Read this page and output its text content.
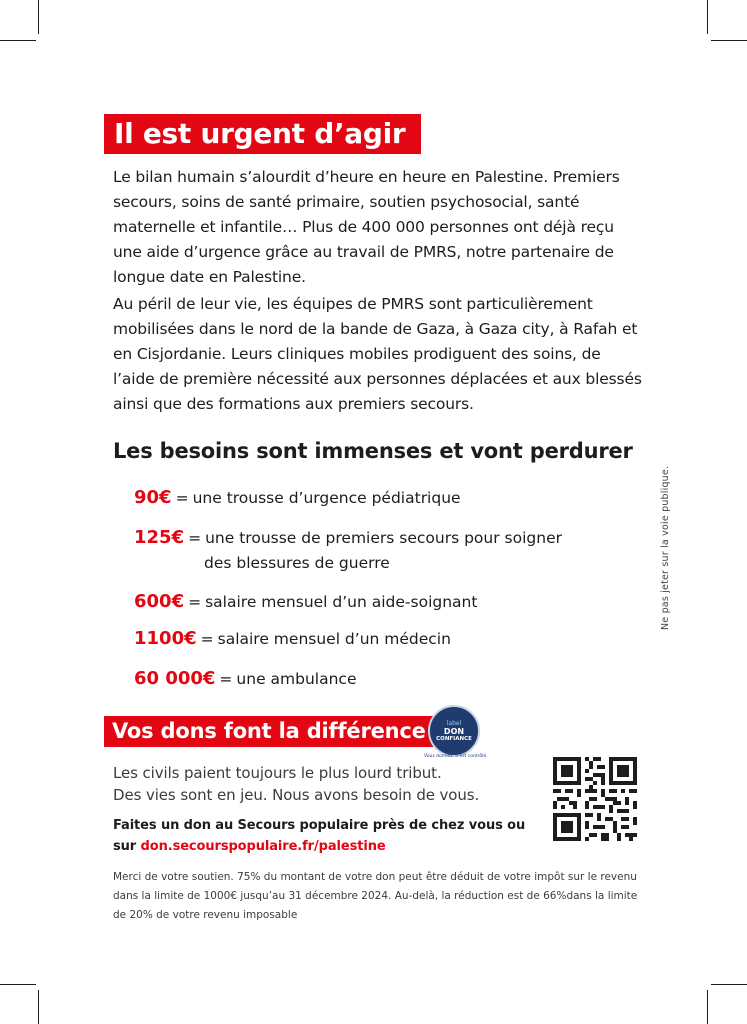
Il est urgent d’agir

Le bilan humain s’alourdit d’heure en heure en Palestine. Premiers secours, soins de santé primaire, soutien psychosocial, santé maternelle et infantile… Plus de 400 000 personnes ont déjà reçu une aide d’urgence grâce au travail de PMRS, notre partenaire de longue date en Palestine.

Au péril de leur vie, les équipes de PMRS sont particulièrement mobilisées dans le nord de la bande de Gaza, à Gaza city, à Rafah et en Cisjordanie. Leurs cliniques mobiles prodiguent des soins, de l’aide de première nécessité aux personnes déplacées et aux blessés ainsi que des formations aux premiers secours.

Les besoins sont immenses et vont perdurer
90€ = une trousse d’urgence pédiatrique
125€ = une trousse de premiers secours pour soigner
des blessures de guerre
600€ = salaire mensuel d’un aide-soignant
1100€ = salaire mensuel d’un médecin
60 000€ = une ambulance
Ne pas jeter sur la voie publique.
Vos dons font la différence	label
DON
CONFIANCE
Vous donnez. Il est contrôlé.

Les civils paient toujours le plus lourd tribut.
Des vies sont en jeu. Nous avons besoin de vous.

Faites un don au Secours populaire près de chez vous ou
sur don.secourspopulaire.fr/palestine

Merci de votre soutien. 75% du montant de votre don peut être déduit de votre impôt sur le revenu dans la limite de 1000€ jusqu’au 31 décembre 2024. Au-delà, la réduction est de 66%dans la limite de 20% de votre revenu imposable
